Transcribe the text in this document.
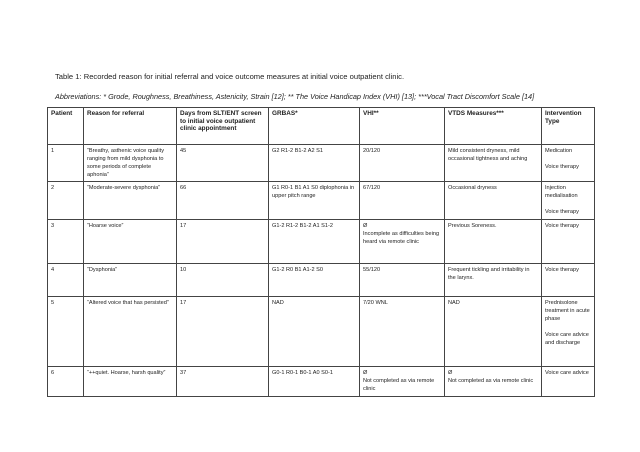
Table 1: Recorded reason for initial referral and voice outcome measures at initial voice outpatient clinic.
Abbreviations: * Grode, Roughness, Breathiness, Astenicity, Strain [12]; ** The Voice Handicap Index (VHI) [13]; ***Vocal Tract Discomfort Scale [14]
Patient	Reason for referral	Days from SLT/ENT screen to initial voice outpatient clinic appointment	GRBAS*	VHI**	VTDS Measures***	Intervention Type
1	“Breathy, asthenic voice quality ranging from mild dysphonia to some periods of complete aphonia”	45	G2 R1-2 B1-2 A2 S1	20/120	Mild consistent dryness, mild occasional tightness and aching	Medication
Voice therapy

2	“Moderate-severe dysphonia”	66	G1 R0-1 B1 A1 S0 diplophonia in upper pitch range	67/120	Occasional dryness	Injection medialisation
Voice therapy

3	“Hoarse voice”	17	G1-2 R1-2 B1-2 A1 S1-2	Ø
Incomplete as difficulties being heard via remote clinic	Previous Soreness.	Voice therapy

4	“Dysphonia”	10	G1-2 R0 B1 A1-2 S0	55/120	Frequent tickling and irritability in the larynx.	Voice therapy

5	“Altered voice that has persisted”	17	NAD	7/20 WNL	NAD	Prednisolone treatment in acute phase
Voice care advice and discharge

6	“++quiet. Hoarse, harsh quality”	37	G0-1 R0-1 B0-1 A0 S0-1	Ø
Not completed as via remote clinic	Ø
Not completed as via remote clinic	Voice care advice
